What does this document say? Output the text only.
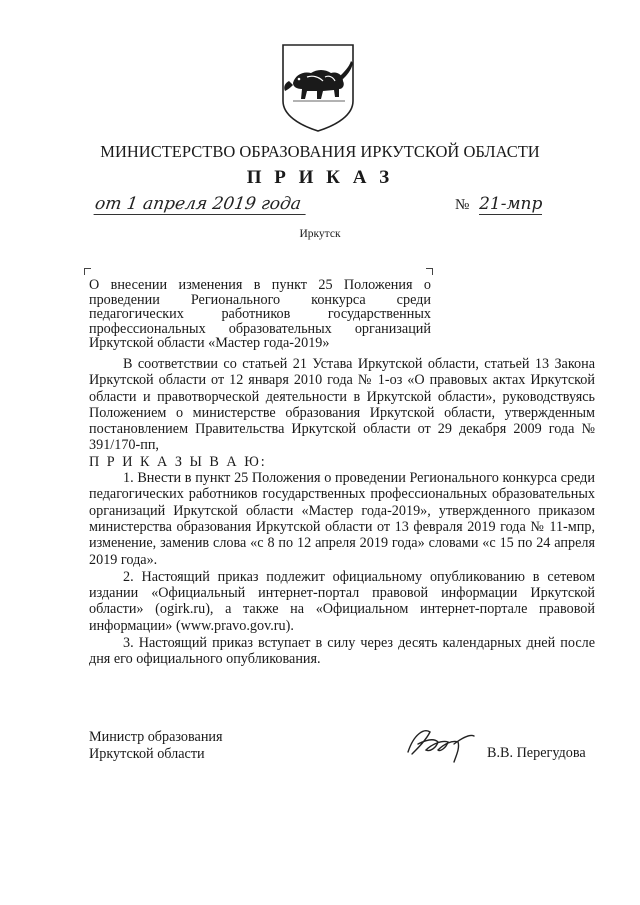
МИНИСТЕРСТВО ОБРАЗОВАНИЯ ИРКУТСКОЙ ОБЛАСТИ
П Р И К А З
от 1 апреля 2019 года	№ 21-мпр
Иркутск
О внесении изменения в пункт 25 Положения о проведении Регионального конкурса среди педагогических работников государственных профессиональных образовательных организаций Иркутской области «Мастер года-2019»

В соответствии со статьей 21 Устава Иркутской области, статьей 13 Закона Иркутской области от 12 января 2010 года № 1-оз «О правовых актах Иркутской области и правотворческой деятельности в Иркутской области», руководствуясь Положением о министерстве образования Иркутской области, утвержденным постановлением Правительства Иркутской области от 29 декабря 2009 года № 391/170-пп,

П Р И К А З Ы В А Ю:

1. Внести в пункт 25 Положения о проведении Регионального конкурса среди педагогических работников государственных профессиональных образовательных организаций Иркутской области «Мастер года-2019», утвержденного приказом министерства образования Иркутской области от 13 февраля 2019 года № 11-мпр, изменение, заменив слова «с 8 по 12 апреля 2019 года» словами «с 15 по 24 апреля 2019 года».

2. Настоящий приказ подлежит официальному опубликованию в сетевом издании «Официальный интернет-портал правовой информации Иркутской области» (ogirk.ru), а также на «Официальном интернет-портале правовой информации» (www.pravo.gov.ru).

3. Настоящий приказ вступает в силу через десять календарных дней после дня его официального опубликования.

Министр образования
Иркутской области	В.В. Перегудова
